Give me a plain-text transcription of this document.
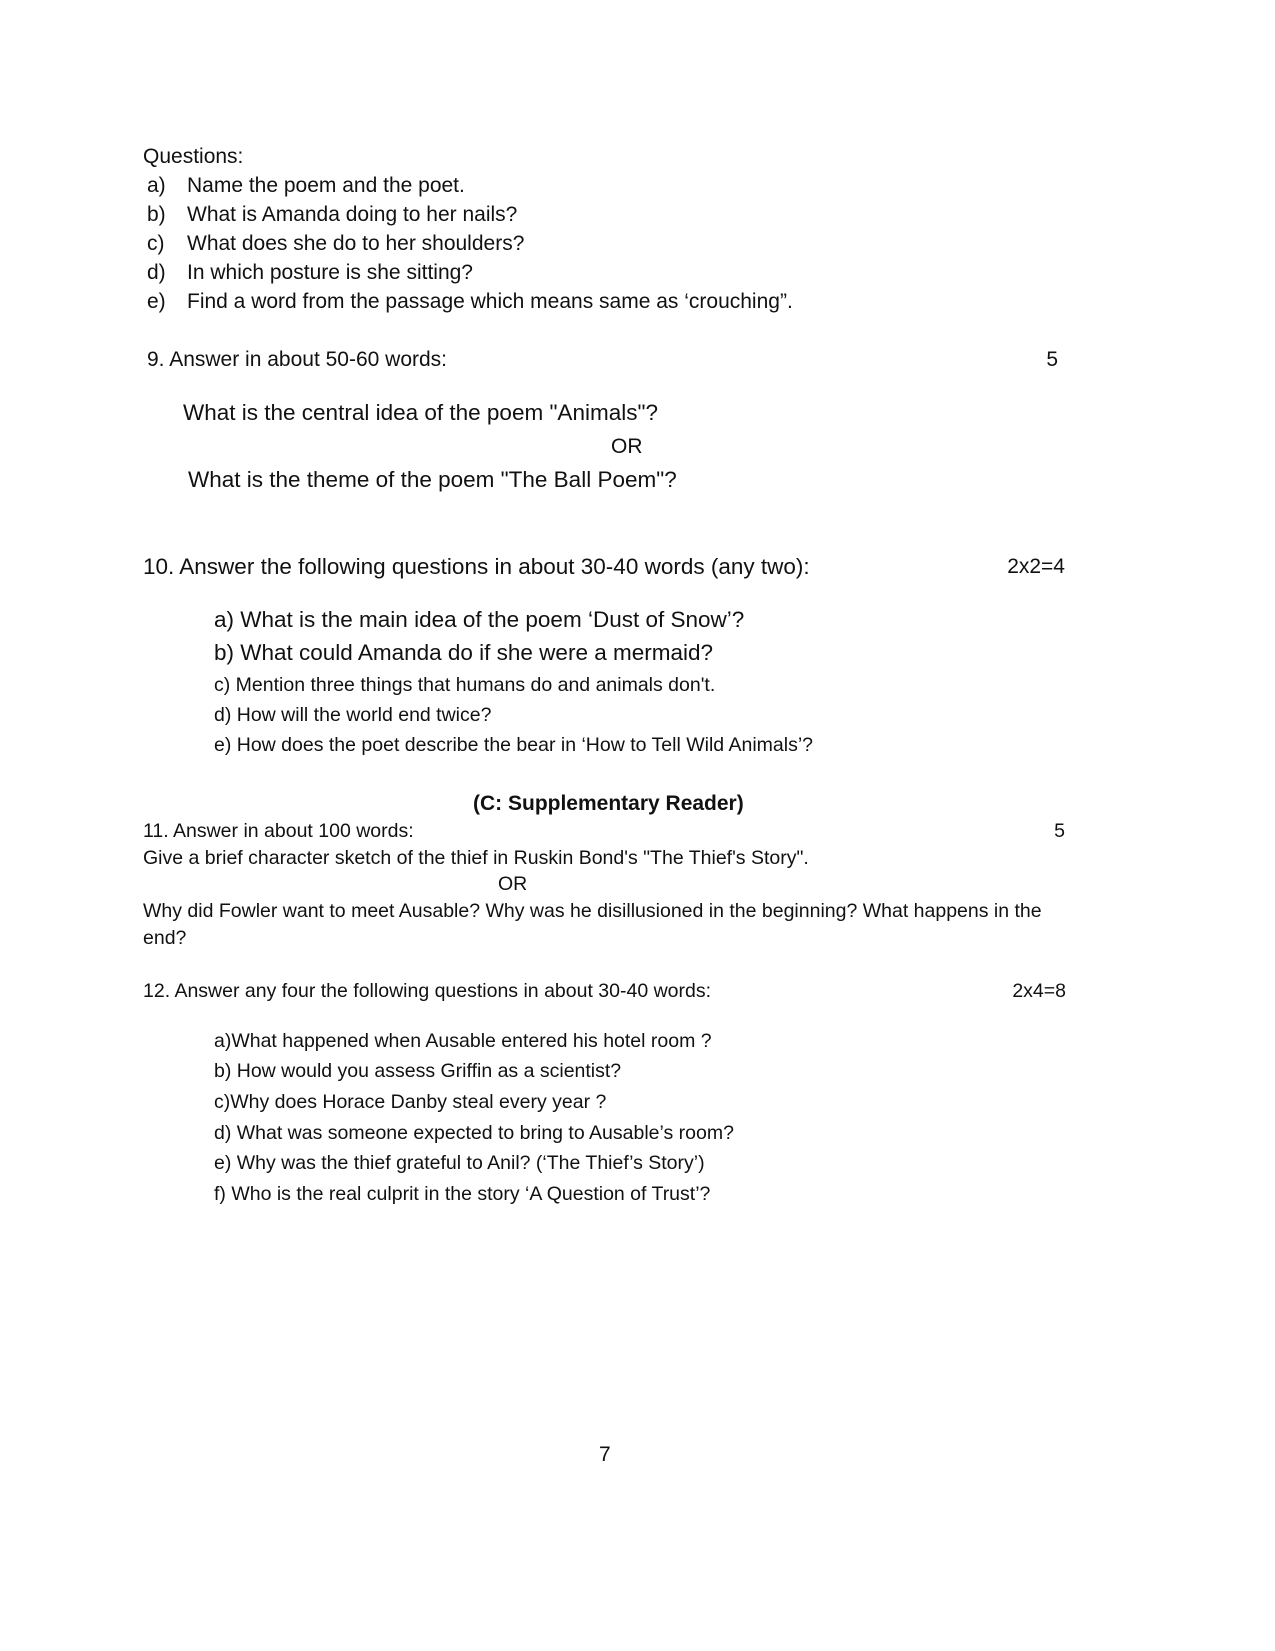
Questions:
a) Name the poem and the poet.
b) What is Amanda doing to her nails?
c) What does she do to her shoulders?
d) In which posture is she sitting?
e) Find a word from the passage which means same as ‘crouching”.
9. Answer in about 50-60 words:	5
What is the central idea of the poem "Animals"?
OR
What is the theme of the poem "The Ball Poem"?
10. Answer the following questions in about 30-40 words (any two):	2x2=4
a) What is the main idea of the poem ‘Dust of Snow’?
b) What could Amanda do if she were a mermaid?
c) Mention three things that humans do and animals don't.
d) How will the world end twice?
e) How does the poet describe the bear in ‘How to Tell Wild Animals’?
(C: Supplementary Reader)
11. Answer in about 100 words:	5
Give a brief character sketch of the thief in Ruskin Bond's "The Thief's Story".
OR
Why did Fowler want to meet Ausable? Why was he disillusioned in the beginning? What happens in the
end?
12. Answer any four the following questions in about 30-40 words:	2x4=8
a)What happened when Ausable entered his hotel room ?
b) How would you assess Griffin as a scientist?
c)Why does Horace Danby steal every year ?
d) What was someone expected to bring to Ausable’s room?
e) Why was the thief grateful to Anil? (‘The Thief’s Story’)
f) Who is the real culprit in the story ‘A Question of Trust’?
7
